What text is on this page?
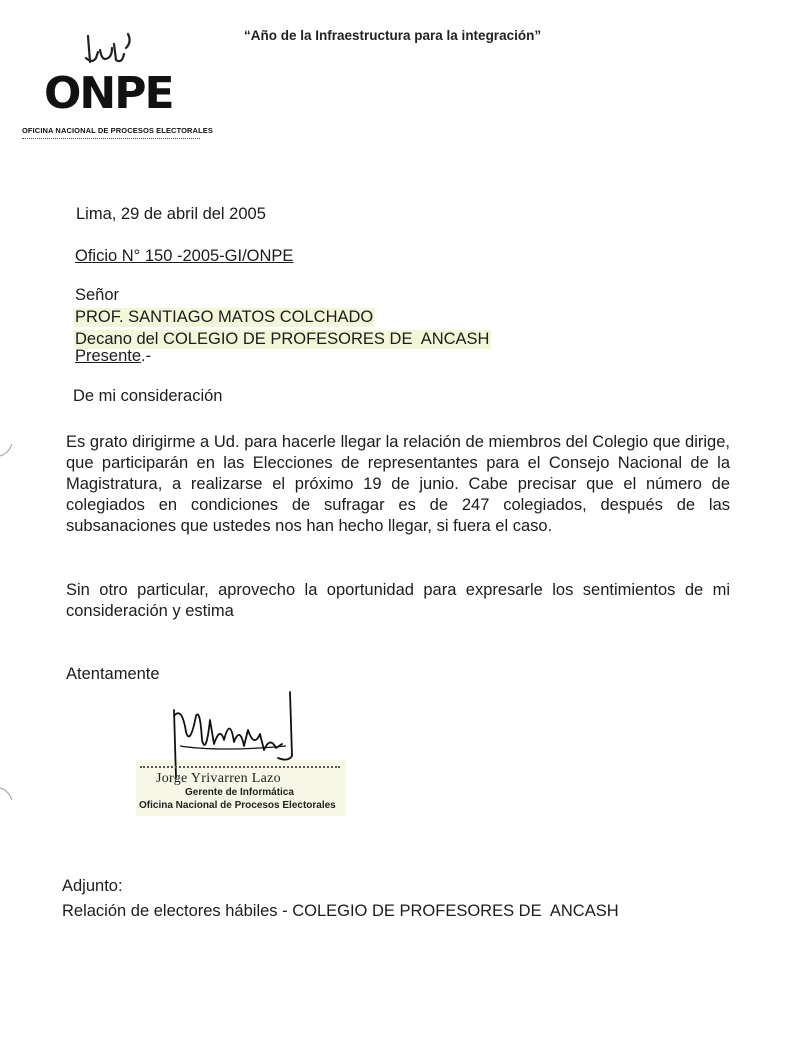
ONPE
OFICINA NACIONAL DE PROCESOS ELECTORALES
“Año de la Infraestructura para la integración”
Lima, 29 de abril del 2005
Oficio N° 150 -2005-GI/ONPE
Señor
PROF. SANTIAGO MATOS COLCHADO
Decano del COLEGIO DE PROFESORES DE  ANCASH
Presente.-
De mi consideración
Es grato dirigirme a Ud. para hacerle llegar la relación de miembros del Colegio que dirige, que participarán en las Elecciones de representantes para el Consejo Nacional de la Magistratura, a realizarse el próximo 19 de junio. Cabe precisar que el número de colegiados en condiciones de sufragar es de 247 colegiados, después de las subsanaciones que ustedes nos han hecho llegar, si fuera el caso.
Sin otro particular, aprovecho la oportunidad para expresarle los sentimientos de mi consideración y estima
Atentamente
Jorge Yrivarren Lazo
Gerente de Informática
Oficina Nacional de Procesos Electorales
Adjunto:
Relación de electores hábiles - COLEGIO DE PROFESORES DE  ANCASH
